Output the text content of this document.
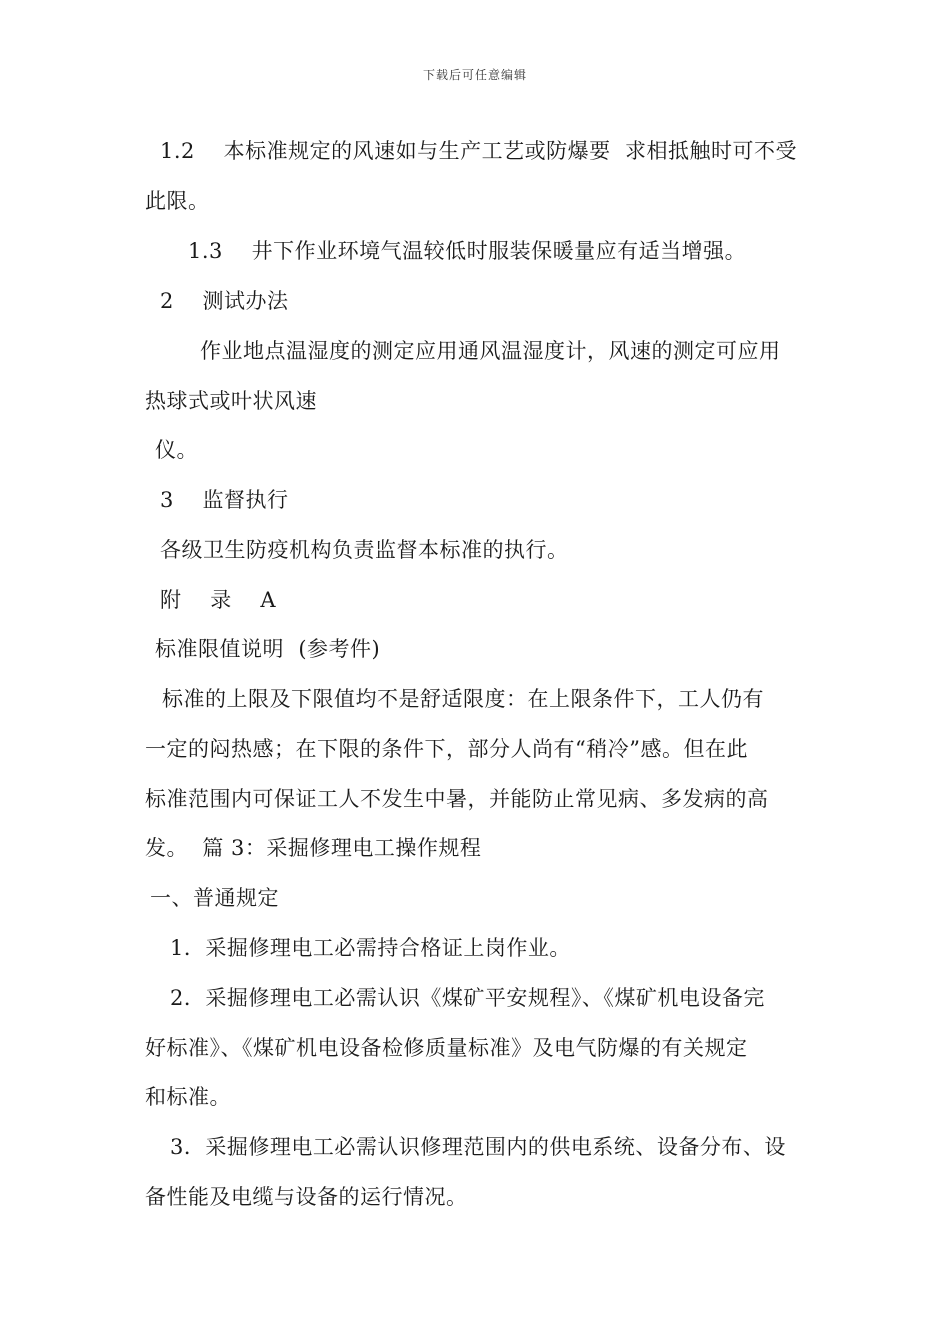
下载后可任意编辑
1.2    本标准规定的风速如与生产工艺或防爆要  求相抵触时可不受
此限。
1.3    井下作业环境气温较低时服装保暖量应有适当增强。
2    测试办法
作业地点温湿度的测定应用通风温湿度计，风速的测定可应用
热球式或叶状风速
仪。
3    监督执行
各级卫生防疫机构负责监督本标准的执行。
附    录    A
标准限值说明  (参考件)
标准的上限及下限值均不是舒适限度：在上限条件下，工人仍有
一定的闷热感；在下限的条件下，部分人尚有“稍冷”感。但在此
标准范围内可保证工人不发生中暑，并能防止常见病、多发病的高
发。  篇 3：采掘修理电工操作规程
一、普通规定
1．采掘修理电工必需持合格证上岗作业。
2．采掘修理电工必需认识《煤矿平安规程》、《煤矿机电设备完
好标准》、《煤矿机电设备检修质量标准》及电气防爆的有关规定
和标准。
3．采掘修理电工必需认识修理范围内的供电系统、设备分布、设
备性能及电缆与设备的运行情况。
